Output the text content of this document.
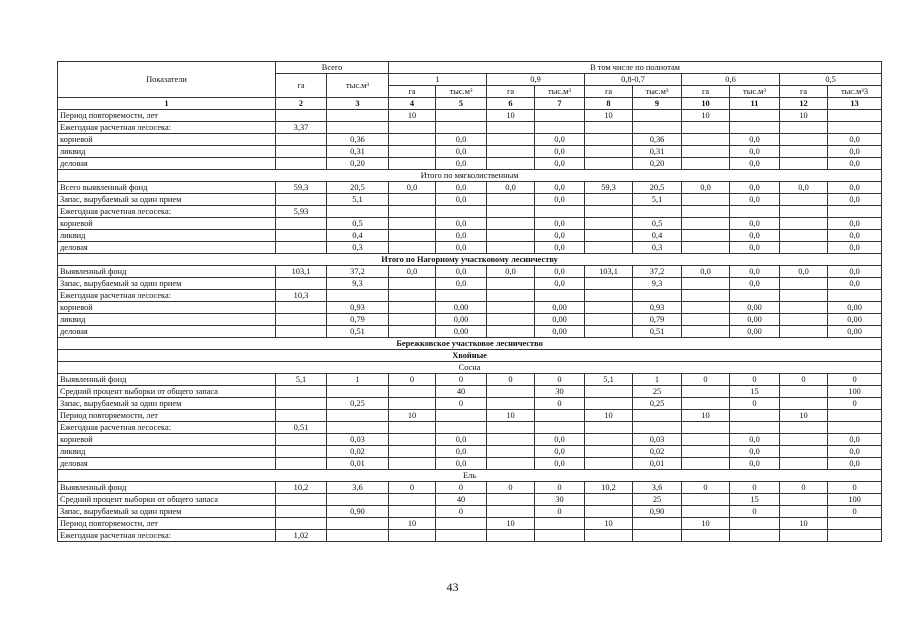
Показатели	Всего		В том числе по полнотам									
	га	тыс.м³	1		0,9		0,8-0,7		0,6		0,5	
			га	тыс.м³	га	тыс.м³	га	тыс.м³	га	тыс.м³	га	тыс.м³3
1	2	3	4	5	6	7	8	9	10	11	12	13
Период повторяемости, лет			10		10		10		10		10	
Ежегодная расчетная лесосека:	3,37											
корневой		0,36		0,0		0,0		0,36		0,0		0,0
ликвид		0,31		0,0		0,0		0,31		0,0		0,0
деловая		0,20		0,0		0,0		0,20		0,0		0,0
Итого по мягколиственным												
Всего выявленный фонд	59,3	20,5	0,0	0,0	0,0	0,0	59,3	20,5	0,0	0,0	0,0	0,0
Запас, вырубаемый за один прием		5,1		0,0		0,0		5,1		0,0		0,0
Ежегодная расчетная лесосека:	5,93											
корневой		0,5		0,0		0,0		0,5		0,0		0,0
ликвид		0,4		0,0		0,0		0,4		0,0		0,0
деловая		0,3		0,0		0,0		0,3		0,0		0,0
Итого по Нагорному участковому лесничеству												
Выявленный фонд	103,1	37,2	0,0	0,0	0,0	0,0	103,1	37,2	0,0	0,0	0,0	0,0
Запас, вырубаемый за один прием		9,3		0,0		0,0		9,3		0,0		0,0
Ежегодная расчетная лесосека:	10,3											
корневой		0,93		0,00		0,00		0,93		0,00		0,00
ликвид		0,79		0,00		0,00		0,79		0,00		0,00
деловая		0,51		0,00		0,00		0,51		0,00		0,00
Бережковское участковое лесничество												
Хвойные												
Сосна												
Выявленный фонд	5,1	1	0	0	0	0	5,1	1	0	0	0	0
Средний процент выборки от общего запаса				40		30		25		15		100
Запас, вырубаемый за один прием		0,25		0		0		0,25		0		0
Период повторяемости, лет			10		10		10		10		10	
Ежегодная расчетная лесосека:	0,51											
корневой		0,03		0,0		0,0		0,03		0,0		0,0
ликвид		0,02		0,0		0,0		0,02		0,0		0,0
деловая		0,01		0,0		0,0		0,01		0,0		0,0
Ель												
Выявленный фонд	10,2	3,6	0	0	0	0	10,2	3,6	0	0	0	0
Средний процент выборки от общего запаса				40		30		25		15		100
Запас, вырубаемый за один прием		0,90		0		0		0,90		0		0
Период повторяемости, лет			10		10		10		10		10	
Ежегодная расчетная лесосека:	1,02											
43
